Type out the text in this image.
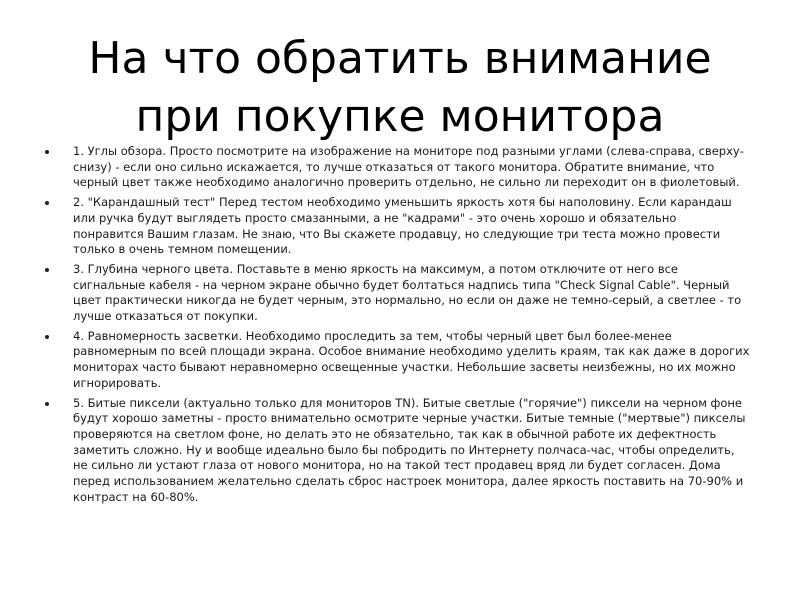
На что обратить внимание
при покупке монитора
1. Углы обзора. Просто посмотрите на изображение на мониторе под разными углами (слева-справа, сверху-снизу) - если оно сильно искажается, то лучше отказаться от такого монитора. Обратите внимание, что черный цвет также необходимо аналогично проверить отдельно, не сильно ли переходит он в фиолетовый.
2. "Карандашный тест" Перед тестом необходимо уменьшить яркость хотя бы наполовину. Если карандаш или ручка будут выглядеть просто смазанными, а не "кадрами" - это очень хорошо и обязательно понравится Вашим глазам. Не знаю, что Вы скажете продавцу, но следующие три теста можно провести только в очень темном помещении.
3. Глубина черного цвета. Поставьте в меню яркость на максимум, а потом отключите от него все сигнальные кабеля - на черном экране обычно будет болтаться надпись типа "Check Signal Cable". Черный цвет практически никогда не будет черным, это нормально, но если он даже не темно-серый, а светлее - то лучше отказаться от покупки.
4. Равномерность засветки. Необходимо проследить за тем, чтобы черный цвет был более-менее равномерным по всей площади экрана. Особое внимание необходимо уделить краям, так как даже в дорогих мониторах часто бывают неравномерно освещенные участки. Небольшие засветы неизбежны, но их можно игнорировать.
5. Битые пиксели (актуально только для мониторов TN). Битые светлые ("горячие") пиксели на черном фоне будут хорошо заметны - просто внимательно осмотрите черные участки. Битые темные ("мертвые") пикселы проверяются на светлом фоне, но делать это не обязательно, так как в обычной работе их дефектность заметить сложно. Ну и вообще идеально было бы побродить по Интернету полчаса-час, чтобы определить, не сильно ли устают глаза от нового монитора, но на такой тест продавец вряд ли будет согласен. Дома перед использованием желательно сделать сброс настроек монитора, далее яркость поставить на 70-90% и контраст на 60-80%.
